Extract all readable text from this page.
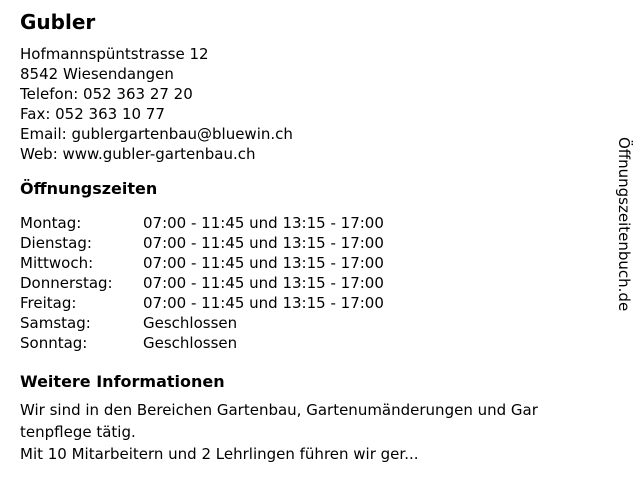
Gubler
Hofmannspüntstrasse 12
8542 Wiesendangen
Telefon: 052 363 27 20
Fax: 052 363 10 77
Email: gublergartenbau@bluewin.ch
Web: www.gubler-gartenbau.ch
Öffnungszeiten
Montag:	07:00 - 11:45 und 13:15 - 17:00
Dienstag:	07:00 - 11:45 und 13:15 - 17:00
Mittwoch:	07:00 - 11:45 und 13:15 - 17:00
Donnerstag:	07:00 - 11:45 und 13:15 - 17:00
Freitag:	07:00 - 11:45 und 13:15 - 17:00
Samstag:	Geschlossen
Sonntag:	Geschlossen
Weitere Informationen
Wir sind in den Bereichen Gartenbau, Gartenumänderungen und Gar
tenpflege tätig.
Mit 10 Mitarbeitern und 2 Lehrlingen führen wir ger...
Öffnungszeitenbuch.de
